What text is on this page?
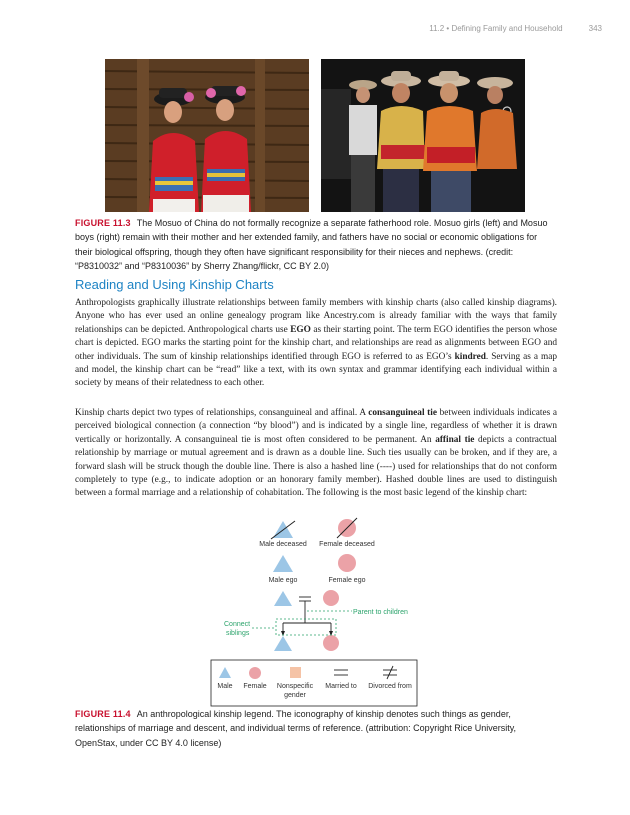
11.2 • Defining Family and Household	343
FIGURE 11.3 The Mosuo of China do not formally recognize a separate fatherhood role. Mosuo girls (left) and Mosuo boys (right) remain with their mother and her extended family, and fathers have no social or economic obligations for their biological offspring, though they often have significant responsibility for their nieces and nephews. (credit: “P8310032” and “P8310036” by Sherry Zhang/flickr, CC BY 2.0)
Reading and Using Kinship Charts
Anthropologists graphically illustrate relationships between family members with kinship charts (also called kinship diagrams). Anyone who has ever used an online genealogy program like Ancestry.com is already familiar with the ways that family relationships can be depicted. Anthropological charts use EGO as their starting point. The term EGO identifies the person whose chart is depicted. EGO marks the starting point for the kinship chart, and relationships are read as alignments between EGO and other individuals. The sum of kinship relationships identified through EGO is referred to as EGO’s kindred. Serving as a map and model, the kinship chart can be “read” like a text, with its own syntax and grammar identifying each individual within a society by means of their relatedness to each other.
Kinship charts depict two types of relationships, consanguineal and affinal. A consanguineal tie between individuals indicates a perceived biological connection (a connection “by blood”) and is indicated by a single line, regardless of whether it is drawn vertically or horizontally. A consanguineal tie is most often considered to be permanent. An affinal tie depicts a contractual relationship by marriage or mutual agreement and is drawn as a double line. Such ties usually can be broken, and if they are, a forward slash will be struck though the double line. There is also a hashed line (----) used for relationships that do not conform completely to type (e.g., to indicate adoption or an honorary family member). Hashed double lines are used to distinguish between a formal marriage and a relationship of cohabitation. The following is the most basic legend of the kinship chart:
Male deceased Female deceased
Male ego	Female ego
Parent to children
Connect
siblings
Male Female Nonspecific
gender
Married to Divorced from
FIGURE 11.4 An anthropological kinship legend. The iconography of kinship denotes such things as gender, relationships of marriage and descent, and individual terms of reference. (attribution: Copyright Rice University, OpenStax, under CC BY 4.0 license)
